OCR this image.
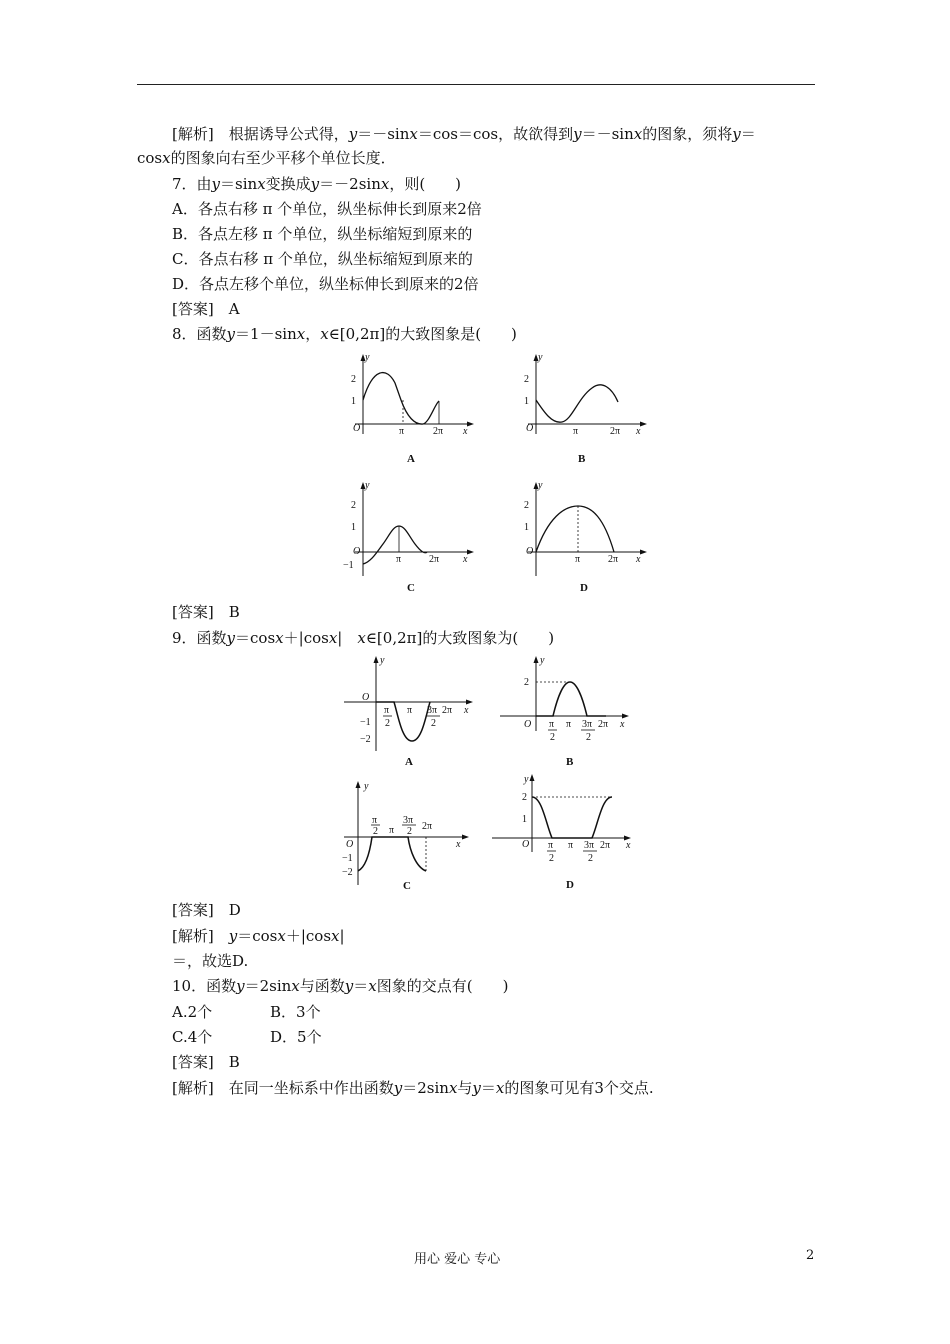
[解析]　 根据诱导公式得，y＝－sinx＝cos＝cos，故欲得到y＝－sinx的图象，须将y＝
cosx的图象向右至少平移个单位长度．
7．由y＝sinx变换成y＝－2sinx，则(　　)
A．各点右移 π 个单位，纵坐标伸长到原来2倍
B．各点左移 π 个单位，纵坐标缩短到原来的
C．各点右移 π 个单位，纵坐标缩短到原来的
D．各点左移个单位，纵坐标伸长到原来的2倍
[答案]　A
8．函数y＝1－sinx，x∈[0,2π]的大致图象是(　　)
y
2
1
O	π	2π x
A
y
2
1
O	π	2π x
B
y
2
1
O
−1
π	2π x
C
y
2
1
O
π	2π x
D
[答案]　B
9．函数y＝cosx＋|cosx|　x∈[0,2π]的大致图象为(　　)
y
O
−1
−2
π
2
π 3π
2
2π x
A
y
2
O π
2
π 3π
2
2π x
B
y
O
−1
−2
π
2 π
3π
2 2π
x
C
y
2
1
O π
2
π 3π
2
2π x
D
[答案]　D
[解析]　 y＝cosx＋|cosx|
＝，故选D.
10．函数y＝2sinx与函数y＝x图象的交点有(　　)
A.2个	B．3个
C.4个	D．5个
[答案]　B
[解析]　 在同一坐标系中作出函数y＝2sinx与y＝x的图象可见有3个交点.
用心 爱心 专心	2
